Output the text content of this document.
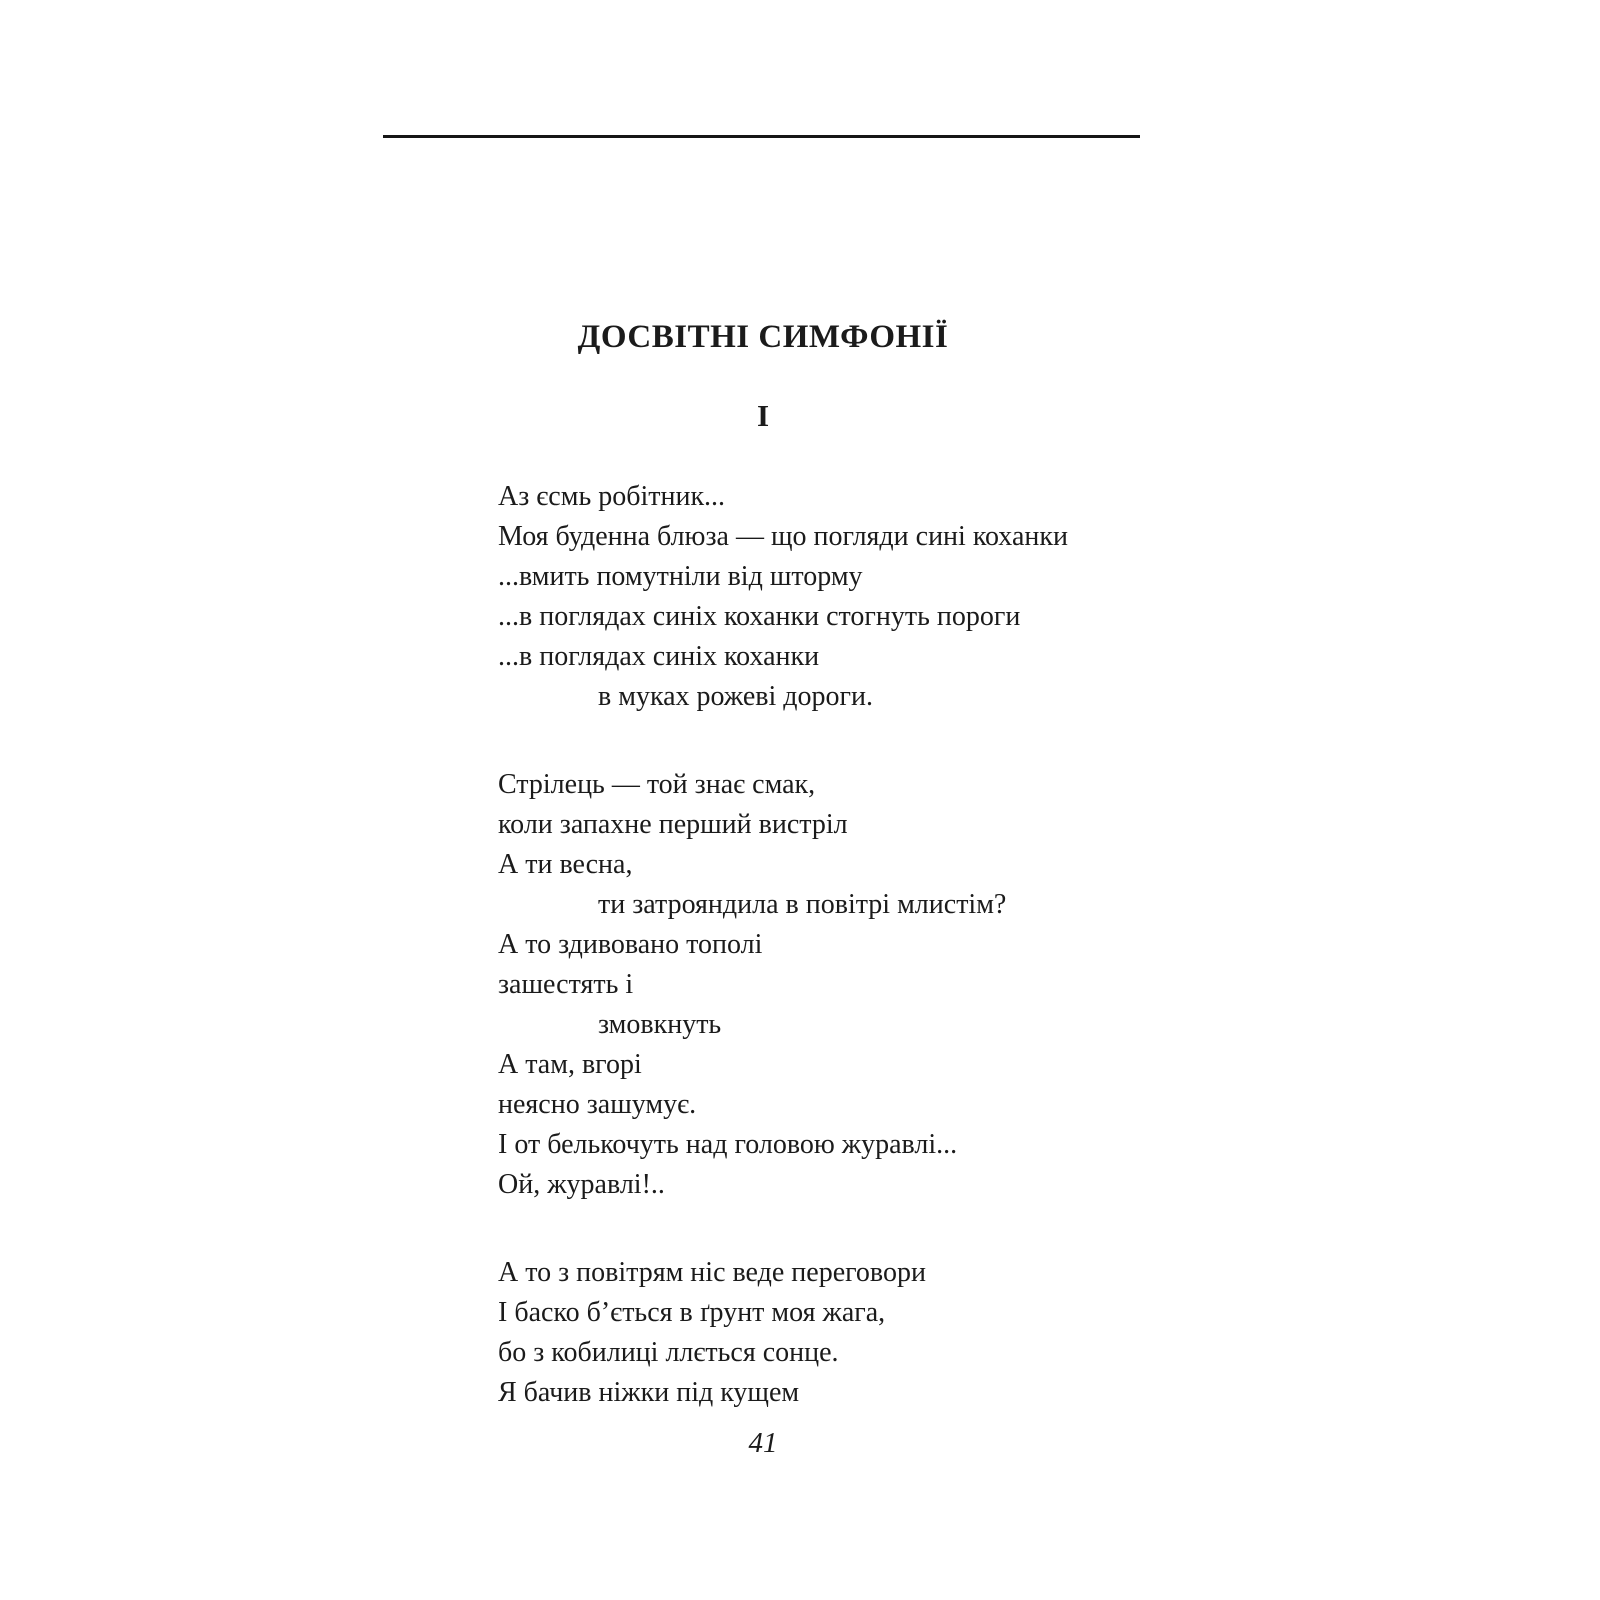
ДОСВІТНІ СИМФОНІЇ
I
Аз єсмь робітник...
Моя буденна блюза — що погляди сині коханки
...вмить помутніли від шторму
...в поглядах синіх коханки стогнуть пороги
...в поглядах синіх коханки
в муках рожеві дороги.
Стрілець — той знає смак,
коли запахне перший вистріл
А ти весна,
ти затрояндила в повітрі млистім?
А то здивовано тополі
зашестять і
змовкнуть
А там, вгорі
неясно зашумує.
І от белькочуть над головою журавлі...
Ой, журавлі!..
А то з повітрям ніс веде переговори
І баско б’ється в ґрунт моя жага,
бо з кобилиці ллється сонце.
Я бачив ніжки під кущем
41
